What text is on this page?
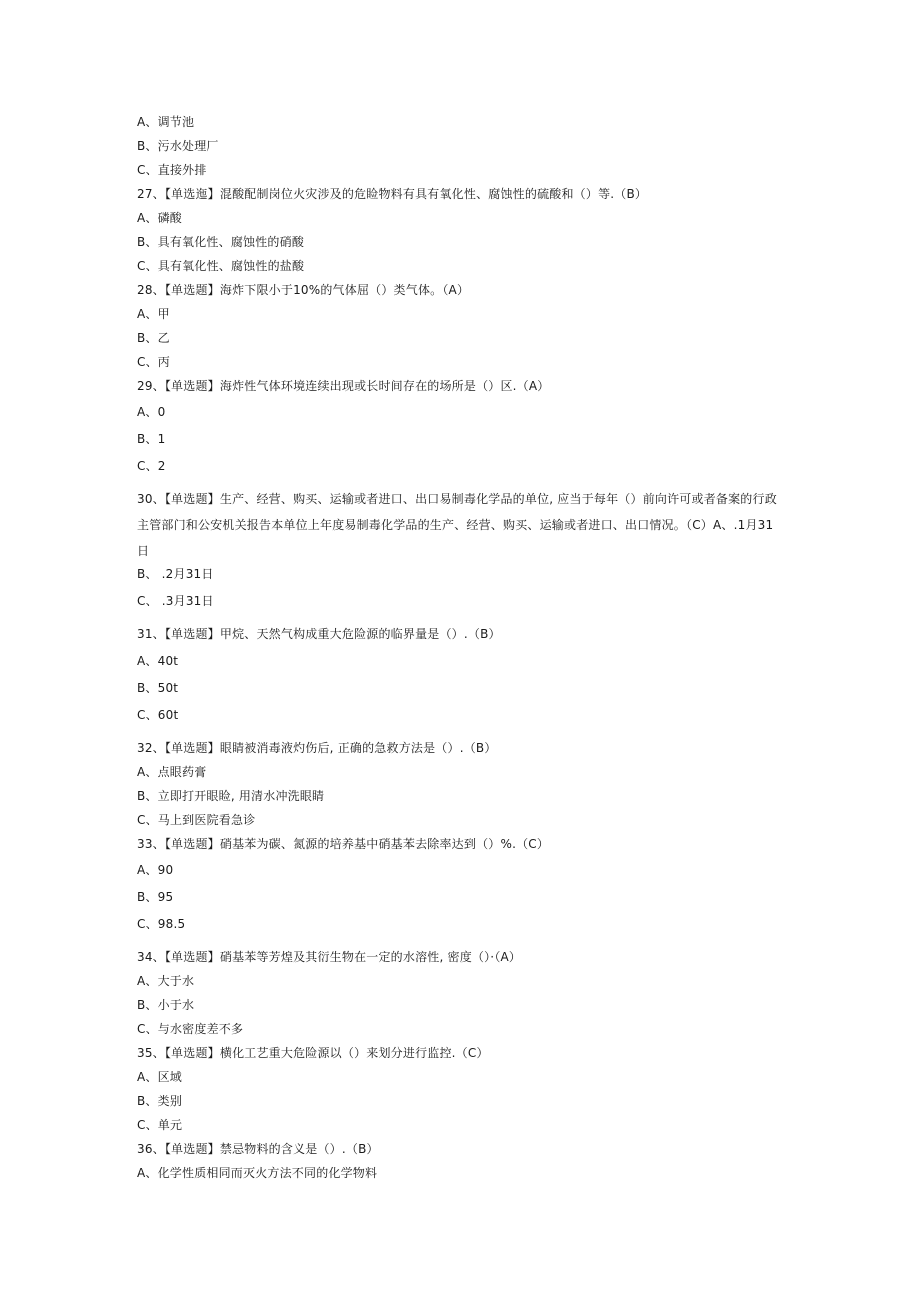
A、调节池
B、污水处理厂
C、直接外排
27、【单选迤】混酸配制岗位火灾涉及的危睑物料有具有氧化性、腐蚀性的硫酸和（）等.（B）
A、磷酸
B、具有氧化性、腐蚀性的硝酸
C、具有氧化性、腐蚀性的盐酸
28、【单选题】海炸下限小于10%的气体屈（）类气体。（A）
A、甲
B、乙
C、丙
29、【单选题】海炸性气体环境连续出现或长时间存在的场所是（）区.（A）
A、0
B、1
C、2
30、【单选题】生产、经营、购买、运输或者进口、出口易制毒化学品的单位, 应当于每年（）前向许可或者备案的行政主管部门和公安机关报告本单位上年度易制毒化学品的生产、经营、购买、运输或者进口、出口情况。（C）A、.1月31日
B、 .2月31日
C、 .3月31日
31、【单选题】甲烷、天然气构成重大危险源的临界量是（）.（B）
A、40t
B、50t
C、60t
32、【单选题】眼睛被消毒液灼伤后, 正确的急救方法是（）.（B）
A、点眼药膏
B、立即打开眼睑, 用清水冲洗眼睛
C、马上到医院看急诊
33、【单选题】硝基苯为碳、氮源的培养基中硝基苯去除率达到（）%.（C）
A、90
B、95
C、98.5
34、【单选题】硝基苯等芳煌及其衍生物在一定的水溶性, 密度（）·（A）
A、大于水
B、小于水
C、与水密度差不多
35、【单选题】横化工艺重大危险源以（）来划分进行监控.（C）
A、区域
B、类别
C、单元
36、【单选题】禁忌物料的含义是（）.（B）
A、化学性质相同而灭火方法不同的化学物料
